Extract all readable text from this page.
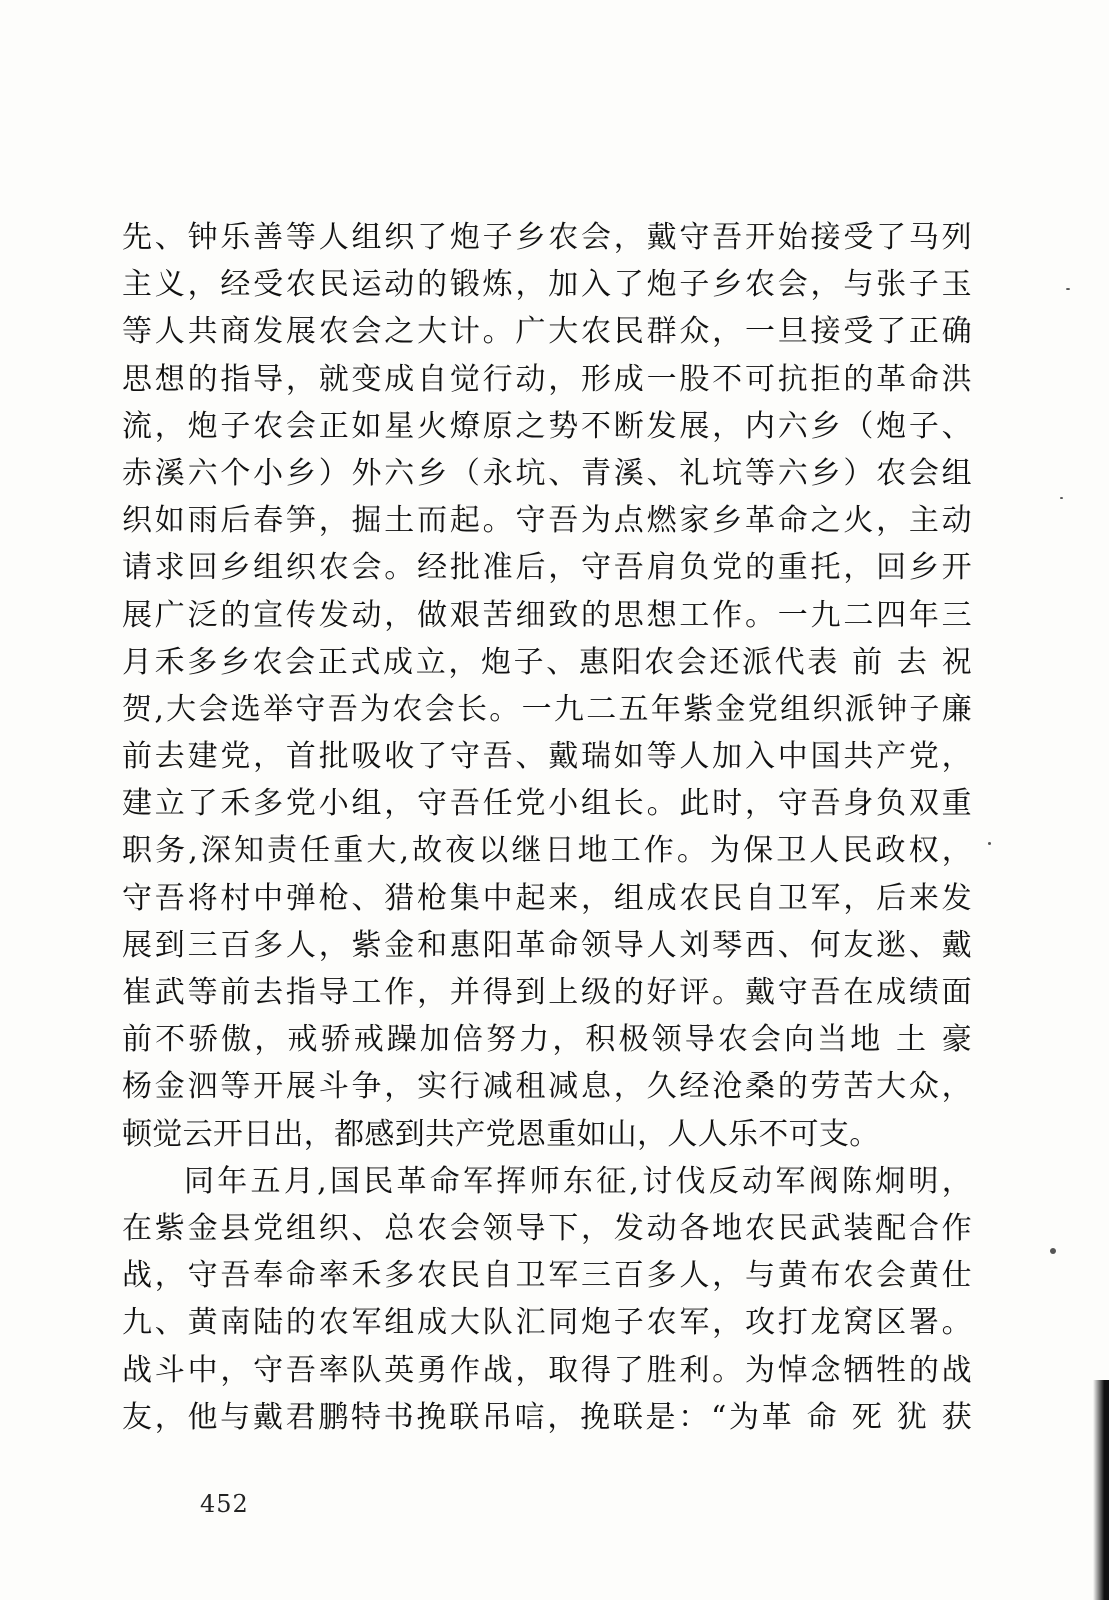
先、钟乐善等人组织了炮子乡农会，戴守吾开始接受了马列
主义，经受农民运动的锻炼，加入了炮子乡农会，与张子玉
等人共商发展农会之大计。广大农民群众，一旦接受了正确
思想的指导，就变成自觉行动，形成一股不可抗拒的革命洪
流，炮子农会正如星火燎原之势不断发展，内六乡（炮子、
赤溪六个小乡）外六乡（永坑、青溪、礼坑等六乡）农会组
织如雨后春笋，掘土而起。守吾为点燃家乡革命之火，主动
请求回乡组织农会。经批准后，守吾肩负党的重托，回乡开
展广泛的宣传发动，做艰苦细致的思想工作。一九二四年三
月禾多乡农会正式成立，炮子、惠阳农会还派代表 前 去 祝
贺,大会选举守吾为农会长。一九二五年紫金党组织派钟子廉
前去建党，首批吸收了守吾、戴瑞如等人加入中国共产党，
建立了禾多党小组，守吾任党小组长。此时，守吾身负双重
职务,深知责任重大,故夜以继日地工作。为保卫人民政权，
守吾将村中弹枪、猎枪集中起来，组成农民自卫军，后来发
展到三百多人，紫金和惠阳革命领导人刘琴西、何友逖、戴
崔武等前去指导工作，并得到上级的好评。戴守吾在成绩面
前不骄傲，戒骄戒躁加倍努力，积极领导农会向当地 土 豪
杨金泗等开展斗争，实行减租减息，久经沧桑的劳苦大众，
顿觉云开日出，都感到共产党恩重如山，人人乐不可支。
同年五月,国民革命军挥师东征,讨伐反动军阀陈炯明，
在紫金县党组织、总农会领导下，发动各地农民武装配合作
战，守吾奉命率禾多农民自卫军三百多人，与黄布农会黄仕
九、黄南陆的农军组成大队汇同炮子农军，攻打龙窝区署。
战斗中，守吾率队英勇作战，取得了胜利。为悼念牺牲的战
友，他与戴君鹏特书挽联吊唁，挽联是：“为革 命 死 犹 获
452
